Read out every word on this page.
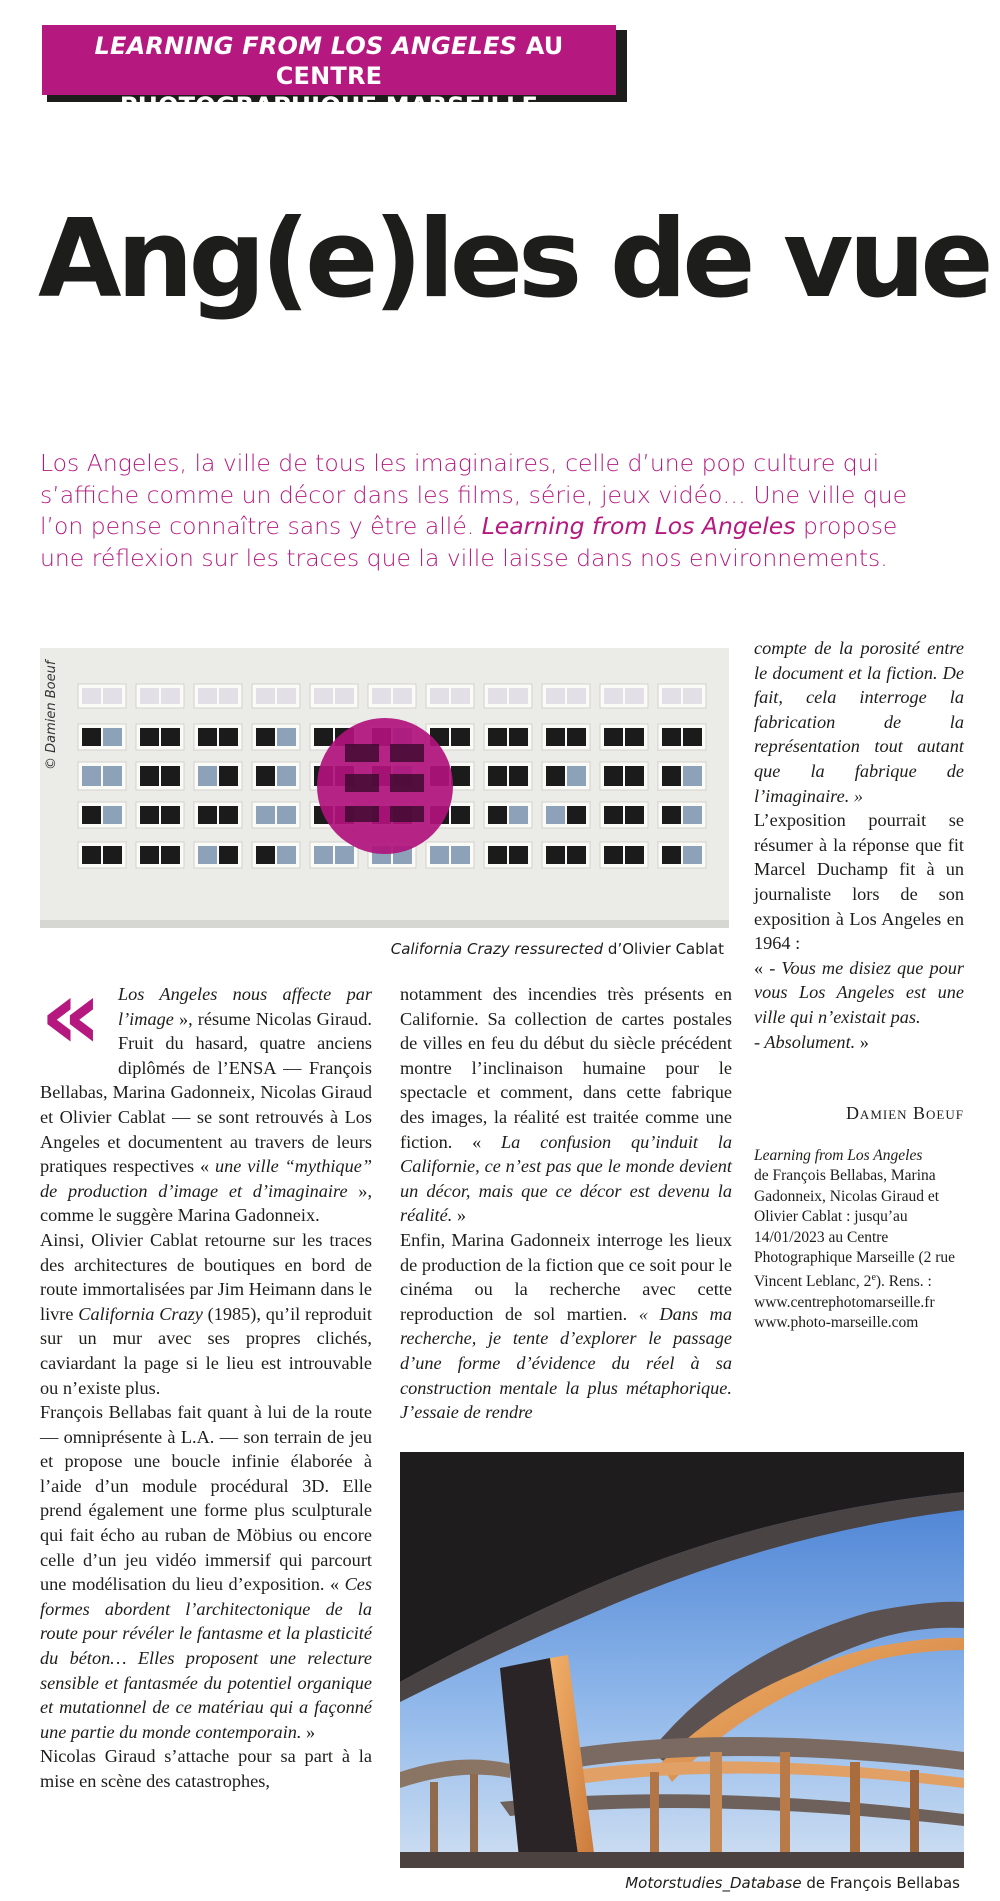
LEARNING FROM LOS ANGELES AU CENTRE
PHOTOGRAPHIQUE MARSEILLE
Ang(e)les de vue
Los Angeles, la ville de tous les imaginaires, celle d’une pop culture qui s’affiche comme un décor dans les films, série, jeux vidéo… Une ville que l’on pense connaître sans y être allé. Learning from Los Angeles propose une réflexion sur les traces que la ville laisse dans nos environnements.
© Damien Boeuf
California Crazy ressurected d’Olivier Cablat
« Los Angeles nous affecte par l’image », résume Nicolas Giraud. Fruit du hasard, quatre anciens diplômés de l’ENSA — François Bellabas, Marina Gadonneix, Nicolas Giraud et Olivier Cablat — se sont retrouvés à Los Angeles et documentent au travers de leurs pratiques respectives « une ville “mythique” de production d’image et d’imaginaire », comme le suggère Marina Gadonneix.

Ainsi, Olivier Cablat retourne sur les traces des architectures de boutiques en bord de route immortalisées par Jim Heimann dans le livre California Crazy (1985), qu’il reproduit sur un mur avec ses propres clichés, caviardant la page si le lieu est introuvable ou n’existe plus.

François Bellabas fait quant à lui de la route — omniprésente à L.A. — son terrain de jeu et propose une boucle infinie élaborée à l’aide d’un module procédural 3D. Elle prend également une forme plus sculpturale qui fait écho au ruban de Möbius ou encore celle d’un jeu vidéo immersif qui parcourt une modélisation du lieu d’exposition. « Ces formes abordent l’architectonique de la route pour révéler le fantasme et la plasticité du béton… Elles proposent une relecture sensible et fantasmée du potentiel organique et mutationnel de ce matériau qui a façonné une partie du monde contemporain. »

Nicolas Giraud s’attache pour sa part à la mise en scène des catastrophes,

notamment des incendies très présents en Californie. Sa collection de cartes postales de villes en feu du début du siècle précédent montre l’inclinaison humaine pour le spectacle et comment, dans cette fabrique des images, la réalité est traitée comme une fiction. « La confusion qu’induit la Californie, ce n’est pas que le monde devient un décor, mais que ce décor est devenu la réalité. »

Enfin, Marina Gadonneix interroge les lieux de production de la fiction que ce soit pour le cinéma ou la recherche avec cette reproduction de sol martien. « Dans ma recherche, je tente d’explorer le passage d’une forme d’évidence du réel à sa construction mentale la plus métaphorique. J’essaie de rendre

compte de la porosité entre le document et la fiction. De fait, cela interroge la fabrication de la représentation tout autant que la fabrique de l’imaginaire. »

L’exposition pourrait se résumer à la réponse que fit Marcel Duchamp fit à un journaliste lors de son exposition à Los Angeles en 1964 :

« - Vous me disiez que pour vous Los Angeles est une ville qui n’existait pas.

- Absolument. »

Damien Boeuf
Learning from Los Angeles
de François Bellabas, Marina Gadonneix, Nicolas Giraud et Olivier Cablat : jusqu’au 14/01/2023 au Centre Photographique Marseille (2 rue Vincent Leblanc, 2e). Rens. : www.centrephotomarseille.fr www.photo-marseille.com
Motorstudies_Database de François Bellabas
